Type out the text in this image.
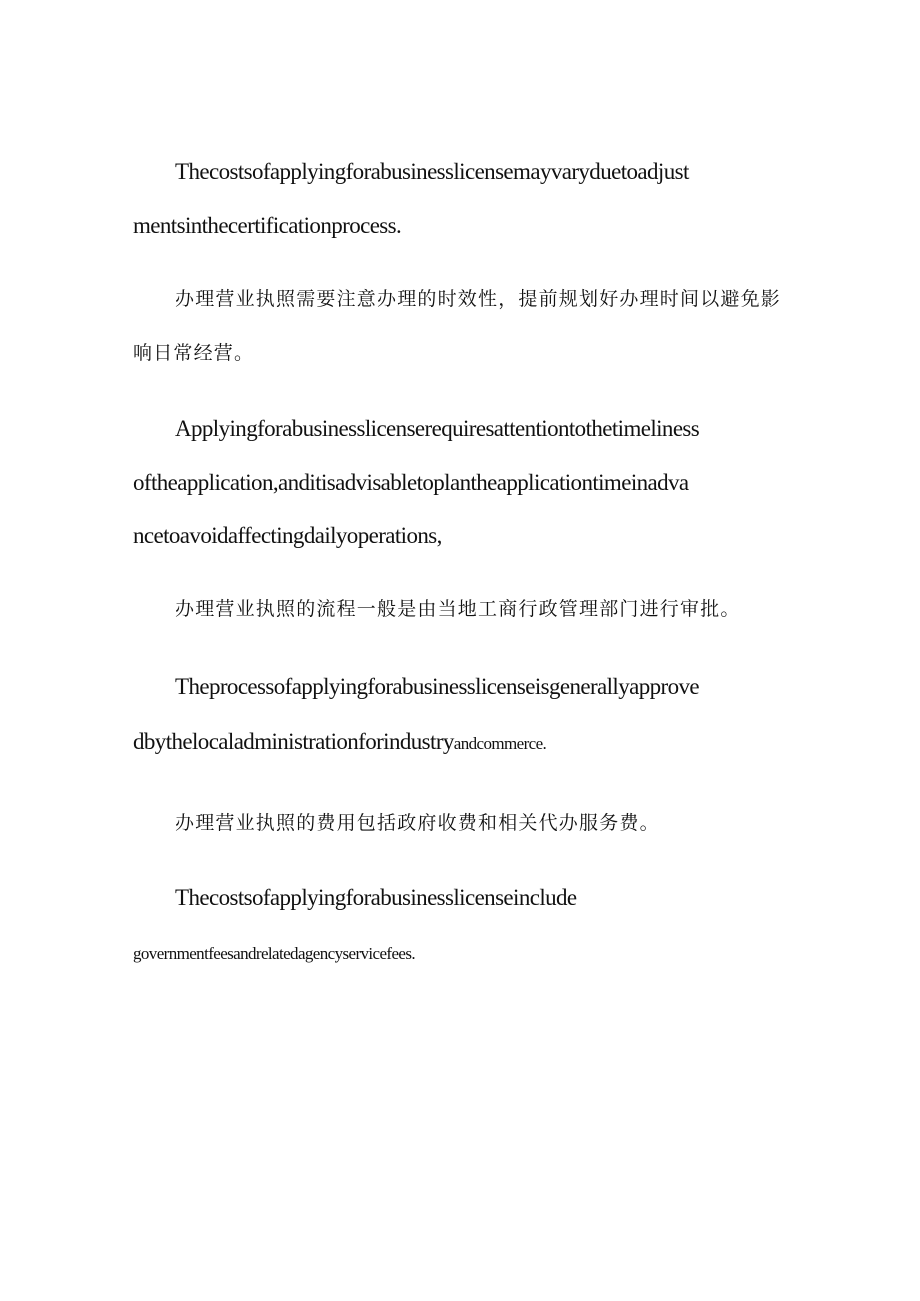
Thecostsofapplyingforabusinesslicensemayvaryduetoadjust

mentsinthecertificationprocess.

办理营业执照需要注意办理的时效性，提前规划好办理时间以避免影

响日常经营。

Applyingforabusinesslicenserequiresattentiontothetimeliness

oftheapplication,anditisadvisabletoplantheapplicationtimeinadva

ncetoavoidaffectingdailyoperations,

办理营业执照的流程一般是由当地工商行政管理部门进行审批。

Theprocessofapplyingforabusinesslicenseisgenerallyapprove

dbythelocaladministrationforindustryandcommerce.

办理营业执照的费用包括政府收费和相关代办服务费。

Thecostsofapplyingforabusinesslicenseinclude

governmentfeesandrelatedagencyservicefees.
